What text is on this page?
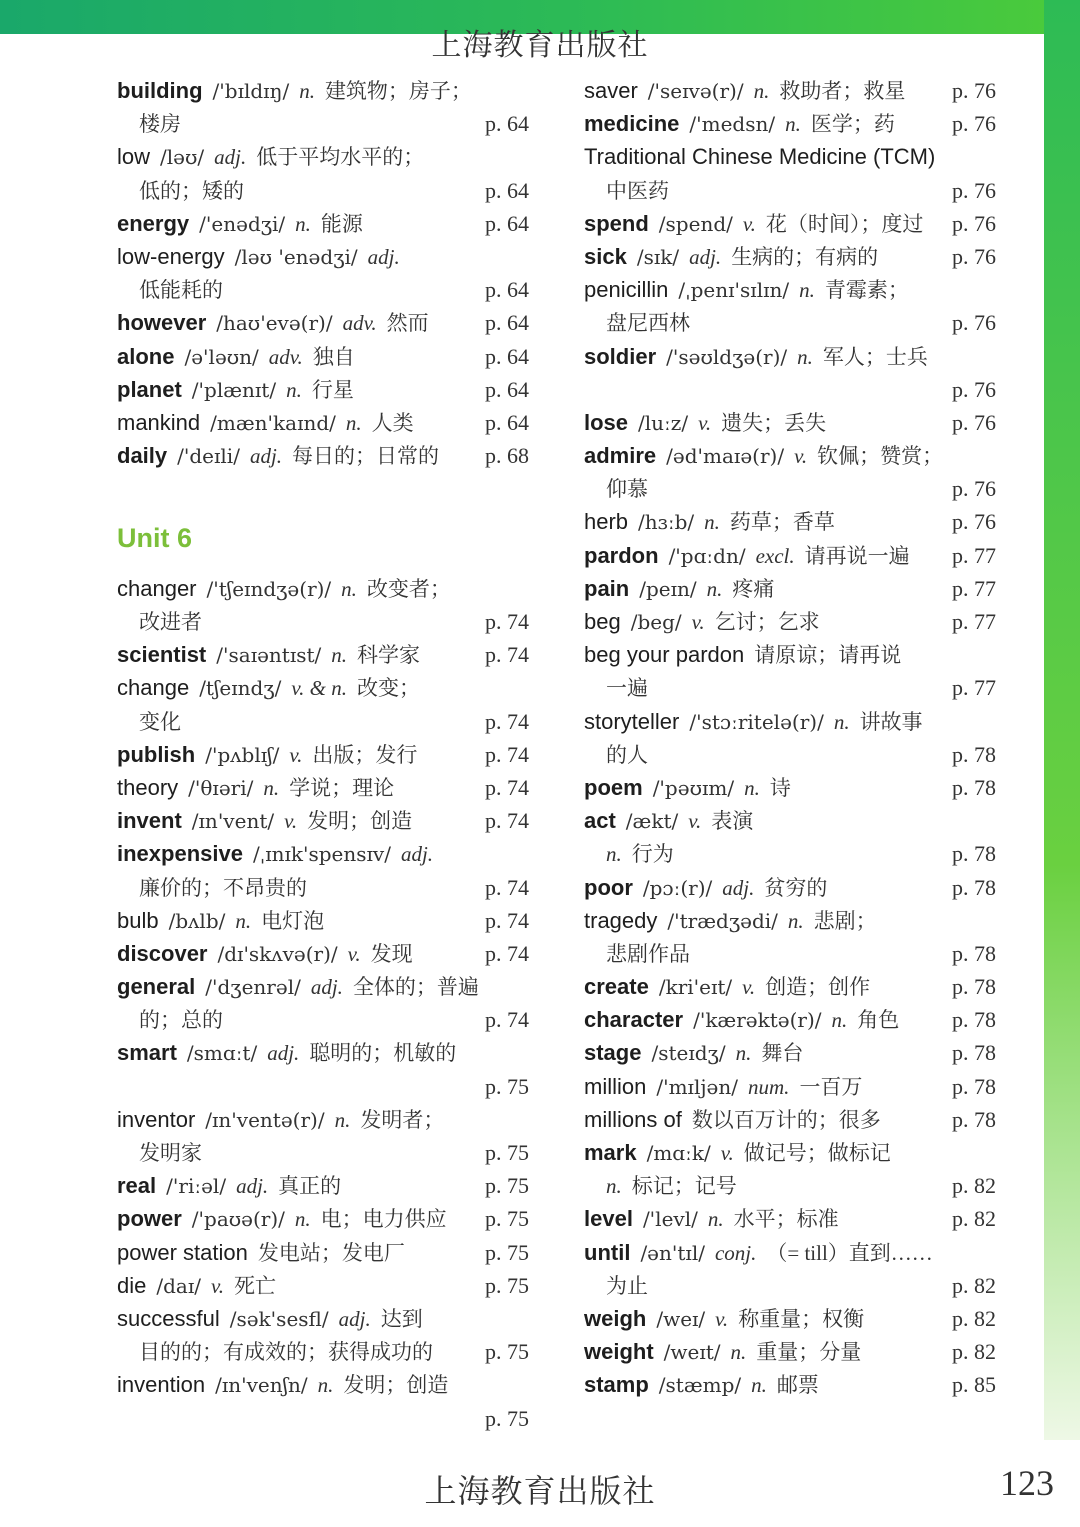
上海教育出版社
building /'bɪldɪŋ/ n. 建筑物；房子；
楼房	p. 64
low /ləʊ/ adj. 低于平均水平的；
低的；矮的	p. 64
energy /'enədʒi/ n. 能源	p. 64
low-energy /ləʊ 'enədʒi/ adj.
低能耗的	p. 64
however /haʊ'evə(r)/ adv. 然而	p. 64
alone /ə'ləʊn/ adv. 独自	p. 64
planet /'plænɪt/ n. 行星	p. 64
mankind /mæn'kaɪnd/ n. 人类	p. 64
daily /'deɪli/ adj. 每日的；日常的 p. 68
Unit 6
changer /'tʃeɪndʒə(r)/ n. 改变者；
改进者	p. 74
scientist /'saɪəntɪst/ n. 科学家	p. 74
change /tʃeɪndʒ/ v. & n. 改变；
变化	p. 74
publish /'pʌblɪʃ/ v. 出版；发行	p. 74
theory /'θɪəri/ n. 学说；理论	p. 74
invent /ɪn'vent/ v. 发明；创造	p. 74
inexpensive /ˌɪnɪk'spensɪv/ adj.
廉价的；不昂贵的	p. 74
bulb /bʌlb/ n. 电灯泡	p. 74
discover /dɪ'skʌvə(r)/ v. 发现	p. 74
general /'dʒenrəl/ adj. 全体的；普遍
的；总的	p. 74
smart /smɑːt/ adj. 聪明的；机敏的
p. 75
inventor /ɪn'ventə(r)/ n. 发明者；
发明家	p. 75
real /'riːəl/ adj. 真正的	p. 75
power /'paʊə(r)/ n. 电；电力供应 p. 75
power station 发电站；发电厂	p. 75
die /daɪ/ v. 死亡	p. 75
successful /sək'sesfl/ adj. 达到
目的的；有成效的；获得成功的 p. 75
invention /ɪn'venʃn/ n. 发明；创造
p. 75
saver /'seɪvə(r)/ n. 救助者；救星 p. 76
medicine /'medsn/ n. 医学；药	p. 76
Traditional Chinese Medicine (TCM)
中医药	p. 76
spend /spend/ v. 花（时间）；度过 p. 76
sick /sɪk/ adj. 生病的；有病的	p. 76
penicillin /ˌpenɪ'sɪlɪn/ n. 青霉素；
盘尼西林	p. 76
soldier /'səʊldʒə(r)/ n. 军人；士兵
p. 76
lose /luːz/ v. 遗失；丢失	p. 76
admire /əd'maɪə(r)/ v. 钦佩；赞赏；
仰慕	p. 76
herb /hɜːb/ n. 药草；香草	p. 76
pardon /'pɑːdn/ excl. 请再说一遍 p. 77
pain /peɪn/ n. 疼痛	p. 77
beg /beg/ v. 乞讨；乞求	p. 77
beg your pardon 请原谅；请再说
一遍	p. 77
storyteller /'stɔːritelə(r)/ n. 讲故事
的人	p. 78
poem /'pəʊɪm/ n. 诗	p. 78
act /ækt/ v. 表演
n. 行为	p. 78
poor /pɔː(r)/ adj. 贫穷的	p. 78
tragedy /'trædʒədi/ n. 悲剧；
悲剧作品	p. 78
create /kri'eɪt/ v. 创造；创作	p. 78
character /'kærəktə(r)/ n. 角色 p. 78
stage /steɪdʒ/ n. 舞台	p. 78
million /'mɪljən/ num. 一百万	p. 78
millions of 数以百万计的；很多	p. 78
mark /mɑːk/ v. 做记号；做标记
n. 标记；记号	p. 82
level /'levl/ n. 水平；标准	p. 82
until /ən'tɪl/ conj. （= till）直到……
为止	p. 82
weigh /weɪ/ v. 称重量；权衡	p. 82
weight /weɪt/ n. 重量；分量	p. 82
stamp /stæmp/ n. 邮票	p. 85
上海教育出版社	123
